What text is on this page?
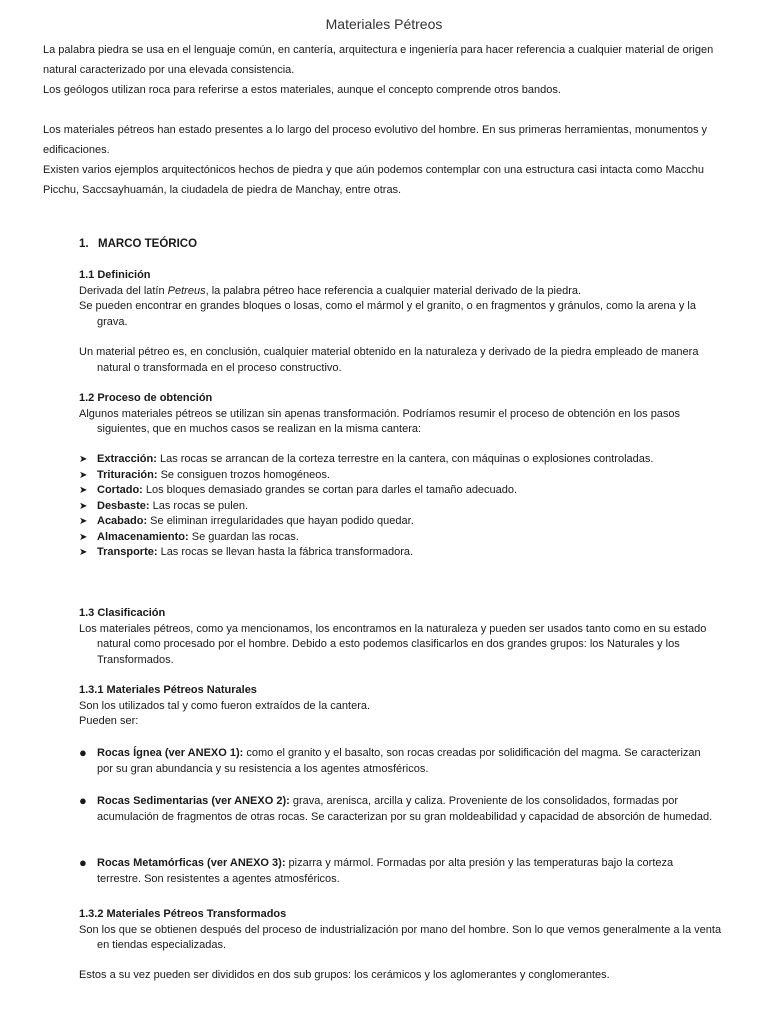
Materiales Pétreos

La palabra piedra se usa en el lenguaje común, en cantería, arquitectura e ingeniería para hacer referencia a cualquier material de origen natural caracterizado por una elevada consistencia.

Los geólogos utilizan roca para referirse a estos materiales, aunque el concepto comprende otros bandos.

Los materiales pétreos han estado presentes a lo largo del proceso evolutivo del hombre. En sus primeras herramientas, monumentos y edificaciones.

Existen varios ejemplos arquitectónicos hechos de piedra y que aún podemos contemplar con una estructura casi intacta como Macchu Picchu, Saccsayhuamán, la ciudadela de piedra de Manchay, entre otras.

1. MARCO TEÓRICO

1.1 Definición

Derivada del latín Petreus, la palabra pétreo hace referencia a cualquier material derivado de la piedra.

Se pueden encontrar en grandes bloques o losas, como el mármol y el granito, o en fragmentos y gránulos, como la arena y la grava.

Un material pétreo es, en conclusión, cualquier material obtenido en la naturaleza y derivado de la piedra empleado de manera natural o transformada en el proceso constructivo.

1.2 Proceso de obtención

Algunos materiales pétreos se utilizan sin apenas transformación. Podríamos resumir el proceso de obtención en los pasos siguientes, que en muchos casos se realizan en la misma cantera:

➤ Extracción: Las rocas se arrancan de la corteza terrestre en la cantera, con máquinas o explosiones controladas.
➤ Trituración: Se consiguen trozos homogéneos.
➤ Cortado: Los bloques demasiado grandes se cortan para darles el tamaño adecuado.
➤ Desbaste: Las rocas se pulen.
➤ Acabado: Se eliminan irregularidades que hayan podido quedar.
➤ Almacenamiento: Se guardan las rocas.
➤ Transporte: Las rocas se llevan hasta la fábrica transformadora.

1.3 Clasificación

Los materiales pétreos, como ya mencionamos, los encontramos en la naturaleza y pueden ser usados tanto como en su estado natural como procesado por el hombre. Debido a esto podemos clasificarlos en dos grandes grupos: los Naturales y los Transformados.

1.3.1 Materiales Pétreos Naturales

Son los utilizados tal y como fueron extraídos de la cantera.

Pueden ser:

● Rocas Ígnea (ver ANEXO 1): como el granito y el basalto, son rocas creadas por solidificación del magma. Se caracterizan por su gran abundancia y su resistencia a los agentes atmosféricos.
● Rocas Sedimentarias (ver ANEXO 2): grava, arenisca, arcilla y caliza. Proveniente de los consolidados, formadas por acumulación de fragmentos de otras rocas. Se caracterizan por su gran moldeabilidad y capacidad de absorción de humedad.
● Rocas Metamórficas (ver ANEXO 3): pizarra y mármol. Formadas por alta presión y las temperaturas bajo la corteza terrestre. Son resistentes a agentes atmosféricos.

1.3.2 Materiales Pétreos Transformados

Son los que se obtienen después del proceso de industrialización por mano del hombre. Son lo que vemos generalmente a la venta en tiendas especializadas.

Estos a su vez pueden ser divididos en dos sub grupos: los cerámicos y los aglomerantes y conglomerantes.
